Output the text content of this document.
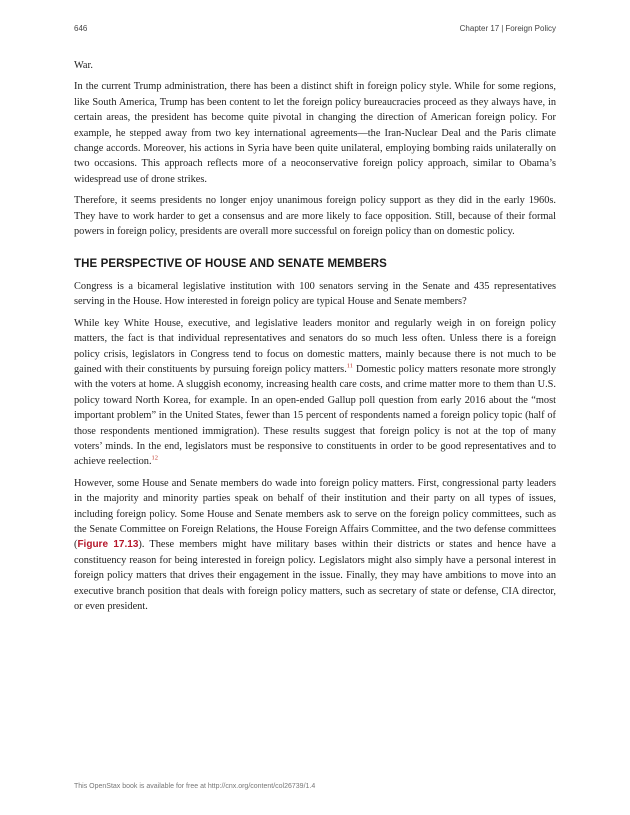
646	Chapter 17 | Foreign Policy

War.

In the current Trump administration, there has been a distinct shift in foreign policy style. While for some regions, like South America, Trump has been content to let the foreign policy bureaucracies proceed as they always have, in certain areas, the president has become quite pivotal in changing the direction of American foreign policy. For example, he stepped away from two key international agreements—the Iran-Nuclear Deal and the Paris climate change accords. Moreover, his actions in Syria have been quite unilateral, employing bombing raids unilaterally on two occasions. This approach reflects more of a neoconservative foreign policy approach, similar to Obama’s widespread use of drone strikes.

Therefore, it seems presidents no longer enjoy unanimous foreign policy support as they did in the early 1960s. They have to work harder to get a consensus and are more likely to face opposition. Still, because of their formal powers in foreign policy, presidents are overall more successful on foreign policy than on domestic policy.

THE PERSPECTIVE OF HOUSE AND SENATE MEMBERS

Congress is a bicameral legislative institution with 100 senators serving in the Senate and 435 representatives serving in the House. How interested in foreign policy are typical House and Senate members?

While key White House, executive, and legislative leaders monitor and regularly weigh in on foreign policy matters, the fact is that individual representatives and senators do so much less often. Unless there is a foreign policy crisis, legislators in Congress tend to focus on domestic matters, mainly because there is not much to be gained with their constituents by pursuing foreign policy matters.$^{11}$ Domestic policy matters resonate more strongly with the voters at home. A sluggish economy, increasing health care costs, and crime matter more to them than U.S. policy toward North Korea, for example. In an open-ended Gallup poll question from early 2016 about the “most important problem” in the United States, fewer than 15 percent of respondents named a foreign policy topic (half of those respondents mentioned immigration). These results suggest that foreign policy is not at the top of many voters’ minds. In the end, legislators must be responsive to constituents in order to be good representatives and to achieve reelection.$^{12}$

However, some House and Senate members do wade into foreign policy matters. First, congressional party leaders in the majority and minority parties speak on behalf of their institution and their party on all types of issues, including foreign policy. Some House and Senate members ask to serve on the foreign policy committees, such as the Senate Committee on Foreign Relations, the House Foreign Affairs Committee, and the two defense committees (Figure 17.13). These members might have military bases within their districts or states and hence have a constituency reason for being interested in foreign policy. Legislators might also simply have a personal interest in foreign policy matters that drives their engagement in the issue. Finally, they may have ambitions to move into an executive branch position that deals with foreign policy matters, such as secretary of state or defense, CIA director, or even president.

This OpenStax book is available for free at http://cnx.org/content/col26739/1.4
